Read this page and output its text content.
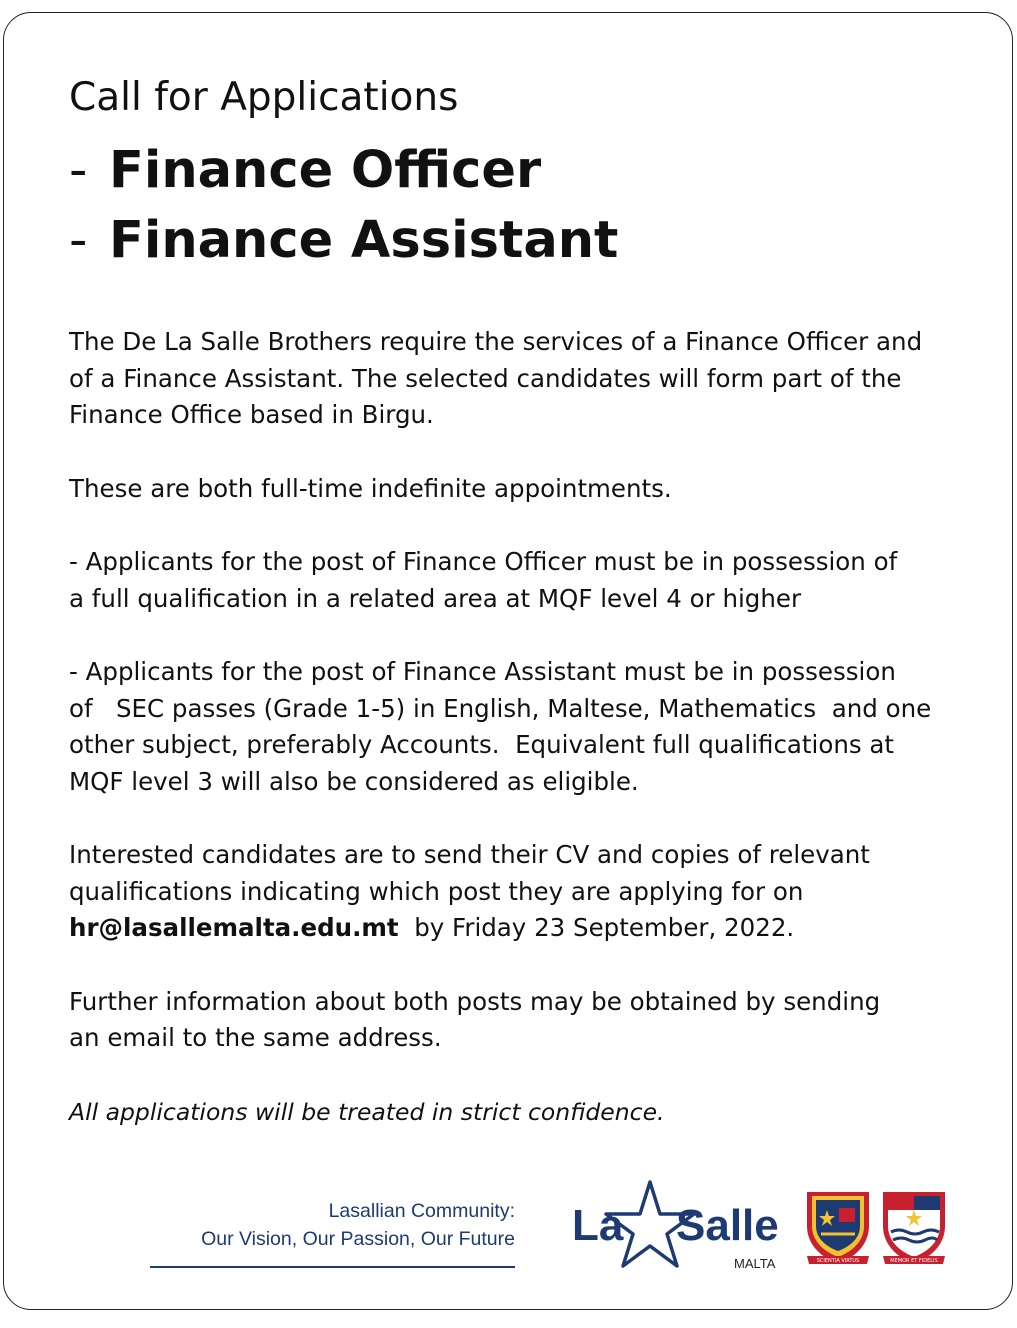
Call for Applications
- Finance Officer
- Finance Assistant

The De La Salle Brothers require the services of a Finance Officer and
of a Finance Assistant. The selected candidates will form part of the
Finance Office based in Birgu.

These are both full-time indefinite appointments.

- Applicants for the post of Finance Officer must be in possession of
a full qualification in a related area at MQF level 4 or higher

- Applicants for the post of Finance Assistant must be in possession
of   SEC passes (Grade 1-5) in English, Maltese, Mathematics  and one
other subject, preferably Accounts.  Equivalent full qualifications at
MQF level 3 will also be considered as eligible.

Interested candidates are to send their CV and copies of relevant
qualifications indicating which post they are applying for on
hr@lasallemalta.edu.mt  by Friday 23 September, 2022.

Further information about both posts may be obtained by sending
an email to the same address.

All applications will be treated in strict confidence.

Lasallian Community:
Our Vision, Our Passion, Our Future La Salle
MALTA	SCIENTIA VIRTUS	MEMOR ET FIDELIS
